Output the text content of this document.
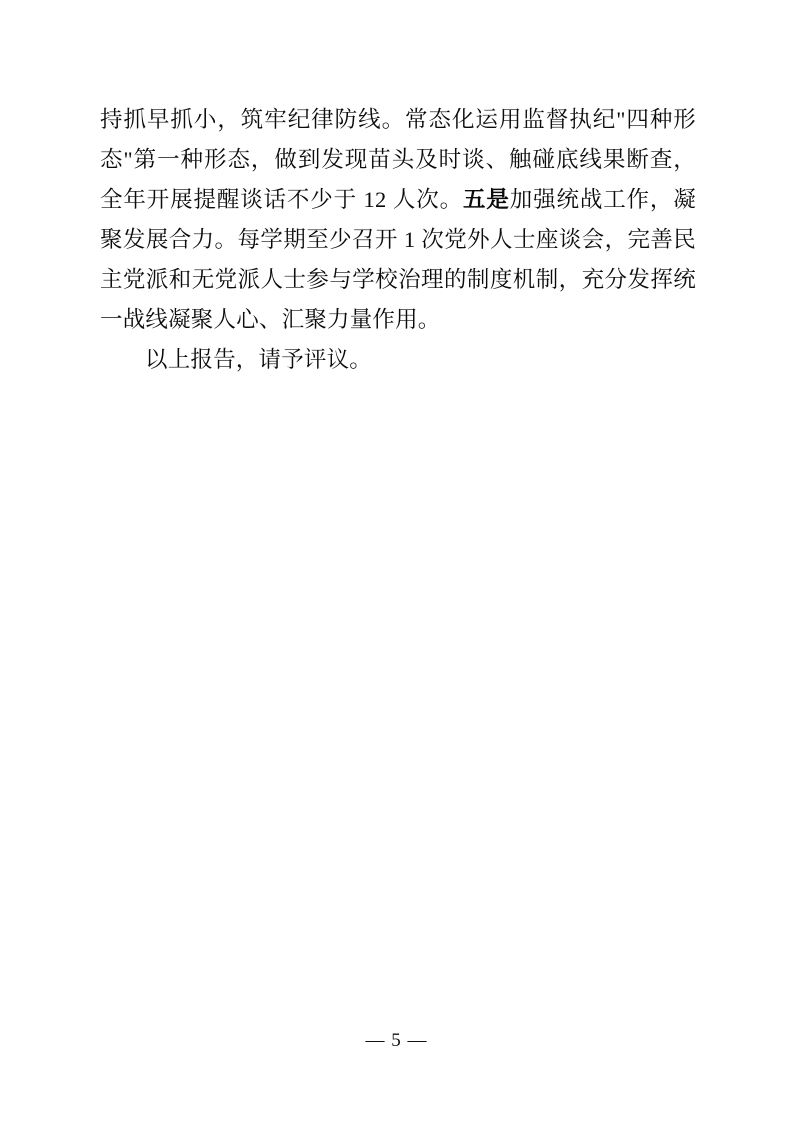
持抓早抓小，筑牢纪律防线。常态化运用监督执纪"四种形态"第一种形态，做到发现苗头及时谈、触碰底线果断查，全年开展提醒谈话不少于 12 人次。五是加强统战工作，凝聚发展合力。每学期至少召开 1 次党外人士座谈会，完善民主党派和无党派人士参与学校治理的制度机制，充分发挥统一战线凝聚人心、汇聚力量作用。

以上报告，请予评议。

— 5 —
